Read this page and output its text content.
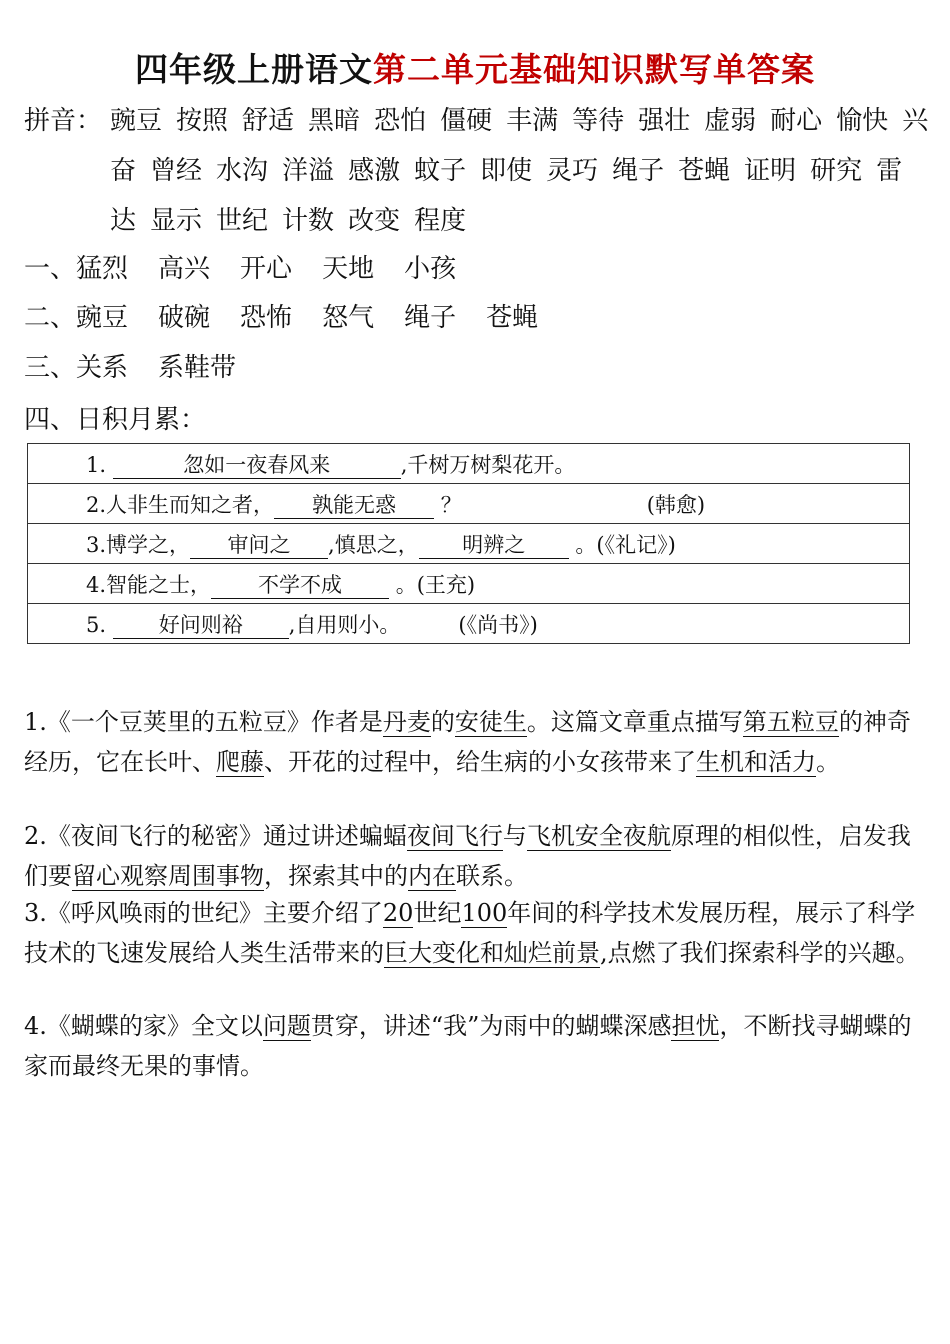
四年级上册语文第二单元基础知识默写单答案
拼音： 豌豆 按照 舒适 黑暗 恐怕 僵硬 丰满 等待 强壮 虚弱 耐心 愉快 兴奋 曾经 水沟 洋溢 感激 蚊子 即使 灵巧 绳子 苍蝇 证明 研究 雷达 显示 世纪 计数 改变 程度
一、猛烈 高兴 开心 天地 小孩
二、豌豆 破碗 恐怖 怒气 绳子 苍蝇
三、关系 系鞋带
四、日积月累：
1.	忽如一夜春风来	,千树万树梨花开。
2.人非生而知之者， 孰能无惑 ？	(韩愈)
3.博学之， 审问之 ,慎思之， 明辨之 。(《礼记》)
4.智能之士， 不学不成	。(王充)
5.	好问则裕 ,自用则小。	(《尚书》)
1.《一个豆荚里的五粒豆》作者是丹麦的安徒生。这篇文章重点描写第五粒豆的神奇经历，它在长叶、爬藤、开花的过程中，给生病的小女孩带来了生机和活力。
2.《夜间飞行的秘密》通过讲述蝙蝠夜间飞行与飞机安全夜航原理的相似性，启发我们要留心观察周围事物，探索其中的内在联系。
3.《呼风唤雨的世纪》主要介绍了20世纪100年间的科学技术发展历程，展示了科学技术的飞速发展给人类生活带来的巨大变化和灿烂前景,点燃了我们探索科学的兴趣。
4.《蝴蝶的家》全文以问题贯穿，讲述“我”为雨中的蝴蝶深感担忧，不断找寻蝴蝶的家而最终无果的事情。
